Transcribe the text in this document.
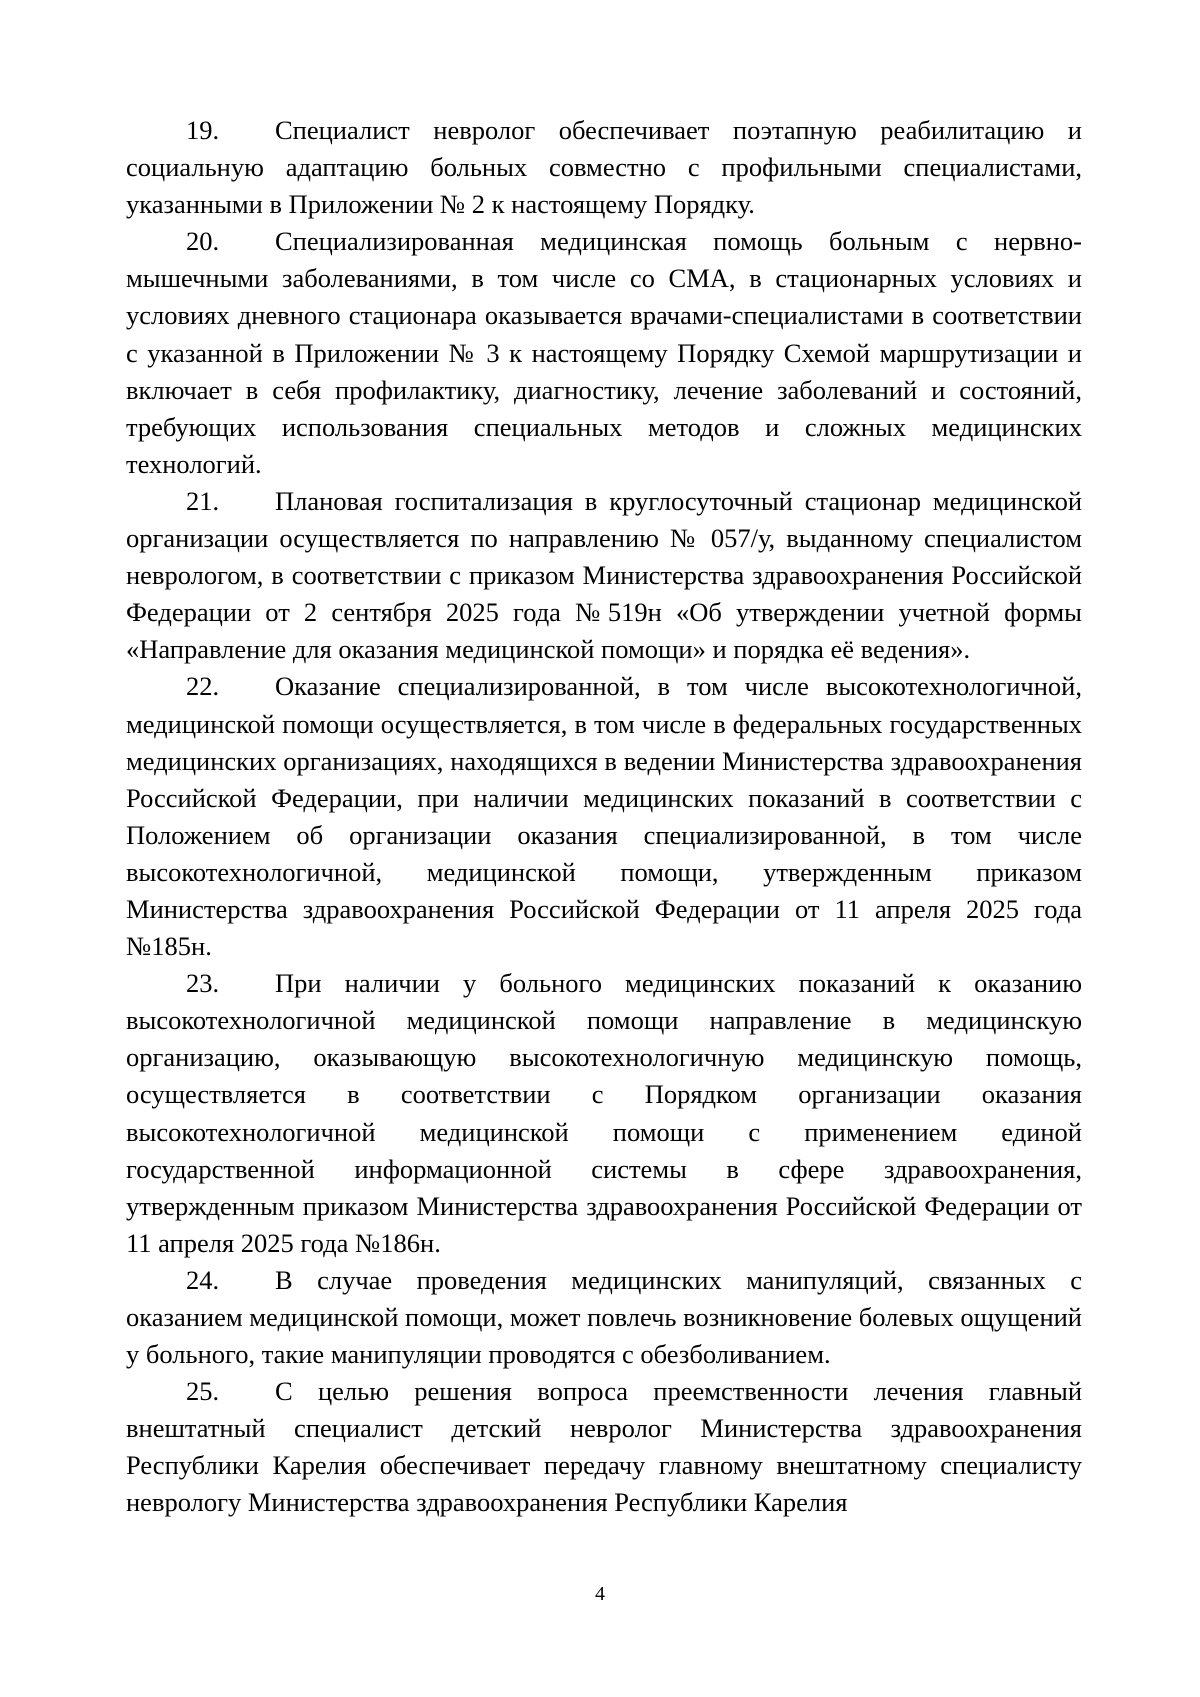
19. Специалист невролог обеспечивает поэтапную реабилитацию и социальную адаптацию больных совместно с профильными специалистами, указанными в Приложении № 2 к настоящему Порядку.

20. Специализированная медицинская помощь больным с нервно-мышечными заболеваниями, в том числе со СМА, в стационарных условиях и условиях дневного стационара оказывается врачами-специалистами в соответствии с указанной в Приложении № 3 к настоящему Порядку Схемой маршрутизации и включает в себя профилактику, диагностику, лечение заболеваний и состояний, требующих использования специальных методов и сложных медицинских технологий.

21. Плановая госпитализация в круглосуточный стационар медицинской организации осуществляется по направлению № 057/у, выданному специалистом неврологом, в соответствии с приказом Министерства здравоохранения Российской Федерации от 2 сентября 2025 года №519н «Об утверждении учетной формы «Направление для оказания медицинской помощи» и порядка её ведения».

22. Оказание специализированной, в том числе высокотехнологичной, медицинской помощи осуществляется, в том числе в федеральных государственных медицинских организациях, находящихся в ведении Министерства здравоохранения Российской Федерации, при наличии медицинских показаний в соответствии с Положением об организации оказания специализированной, в том числе высокотехнологичной, медицинской помощи, утвержденным приказом Министерства здравоохранения Российской Федерации от 11 апреля 2025 года №185н.

23. При наличии у больного медицинских показаний к оказанию высокотехнологичной медицинской помощи направление в медицинскую организацию, оказывающую высокотехнологичную медицинскую помощь, осуществляется в соответствии с Порядком организации оказания высокотехнологичной медицинской помощи с применением единой государственной информационной системы в сфере здравоохранения, утвержденным приказом Министерства здравоохранения Российской Федерации от 11 апреля 2025 года №186н.

24. В случае проведения медицинских манипуляций, связанных с оказанием медицинской помощи, может повлечь возникновение болевых ощущений у больного, такие манипуляции проводятся с обезболиванием.

25. С целью решения вопроса преемственности лечения главный внештатный специалист детский невролог Министерства здравоохранения Республики Карелия обеспечивает передачу главному внештатному специалисту неврологу Министерства здравоохранения Республики Карелия

4
